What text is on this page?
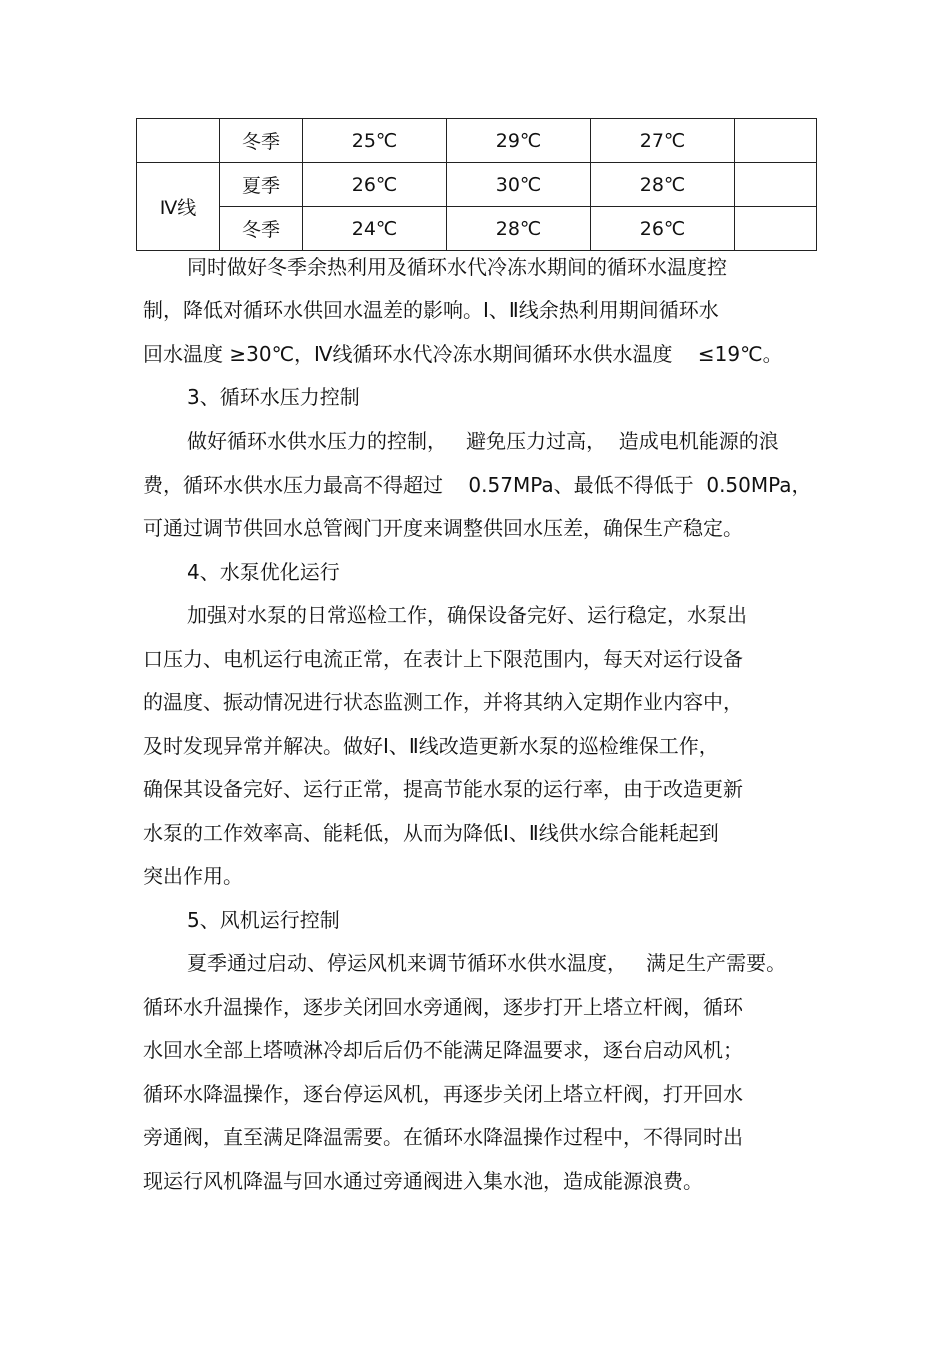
	冬季	25℃	29℃	27℃	
Ⅳ线	夏季	26℃	30℃	28℃	
	冬季	24℃	28℃	26℃	
同时做好冬季余热利用及循环水代冷冻水期间的循环水温度控
制，降低对循环水供回水温差的影响。Ⅰ、Ⅱ线余热利用期间循环水
回水温度 ≥30℃，Ⅳ线循环水代冷冻水期间循环水供水温度    ≤19℃。
3、循环水压力控制
做好循环水供水压力的控制，   避免压力过高，  造成电机能源的浪
费，循环水供水压力最高不得超过    0.57MPa、最低不得低于  0.50MPa，
可通过调节供回水总管阀门开度来调整供回水压差，确保生产稳定。
4、水泵优化运行
加强对水泵的日常巡检工作，确保设备完好、运行稳定，水泵出
口压力、电机运行电流正常，在表计上下限范围内，每天对运行设备
的温度、振动情况进行状态监测工作，并将其纳入定期作业内容中，
及时发现异常并解决。做好Ⅰ、Ⅱ线改造更新水泵的巡检维保工作，
确保其设备完好、运行正常，提高节能水泵的运行率，由于改造更新
水泵的工作效率高、能耗低，从而为降低Ⅰ、Ⅱ线供水综合能耗起到
突出作用。
5、风机运行控制
夏季通过启动、停运风机来调节循环水供水温度，   满足生产需要。
循环水升温操作，逐步关闭回水旁通阀，逐步打开上塔立杆阀，循环
水回水全部上塔喷淋冷却后后仍不能满足降温要求，逐台启动风机；
循环水降温操作，逐台停运风机，再逐步关闭上塔立杆阀，打开回水
旁通阀，直至满足降温需要。在循环水降温操作过程中，不得同时出
现运行风机降温与回水通过旁通阀进入集水池，造成能源浪费。
